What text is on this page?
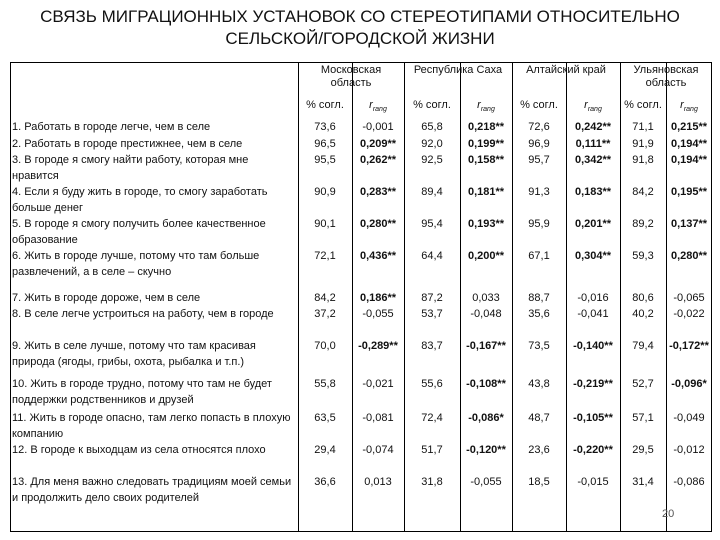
СВЯЗЬ МИГРАЦИОННЫХ УСТАНОВОК СО СТЕРЕОТИПАМИ ОТНОСИТЕЛЬНО
СЕЛЬСКОЙ/ГОРОДСКОЙ ЖИЗНИ
Московская
область
Республика Саха
	Алтайский край
	Ульяновская
область
% согл.	$r_{rang}$	% согл.	$r_{rang}$	% согл.	$r_{rang}$	% согл.	$r_{rang}$
1. Работать в городе легче, чем в селе	73,6	-0,001	65,8	0,218**	72,6	0,242**	71,1	0,215**
2. Работать в городе престижнее, чем в селе	96,5	0,209**	92,0	0,199**	96,9	0,111**	91,9	0,194**
3. В городе я смогу найти работу, которая мне нравится
95,5	0,262**	92,5	0,158**	95,7	0,342**	91,8	0,194**
4. Если я буду жить в городе, то смогу заработать больше денег
90,9	0,283**	89,4	0,181**	91,3	0,183**	84,2	0,195**
5. В городе я смогу получить более качественное образование
90,1	0,280**	95,4	0,193**	95,9	0,201**	89,2	0,137**
6. Жить в городе лучше, потому что там больше развлечений, а в селе – скучно
72,1	0,436**	64,4	0,200**	67,1	0,304**	59,3	0,280**
7. Жить в городе дороже, чем в селе	84,2	0,186**	87,2	0,033	88,7	-0,016	80,6	-0,065
8. В селе легче устроиться на работу, чем в городе	37,2	-0,055	53,7	-0,048	35,6	-0,041	40,2	-0,022
9. Жить в селе лучше, потому что там красивая природа (ягоды, грибы, охота, рыбалка и т.п.)
70,0	-0,289**	83,7	-0,167**	73,5	-0,140**	79,4	-0,172**
10. Жить в городе трудно, потому что там не будет поддержки родственников и друзей
55,8	-0,021	55,6	-0,108**	43,8	-0,219**	52,7	-0,096*
11. Жить в городе опасно, там легко попасть в плохую компанию
63,5	-0,081	72,4	-0,086*	48,7	-0,105**	57,1	-0,049
12. В городе к выходцам из села относятся плохо	29,4	-0,074	51,7	-0,120**	23,6	-0,220**	29,5	-0,012
13. Для меня важно следовать традициям моей семьи и продолжить дело своих родителей
36,6	0,013	31,8	-0,055	18,5	-0,015	31,4	-0,086
20
